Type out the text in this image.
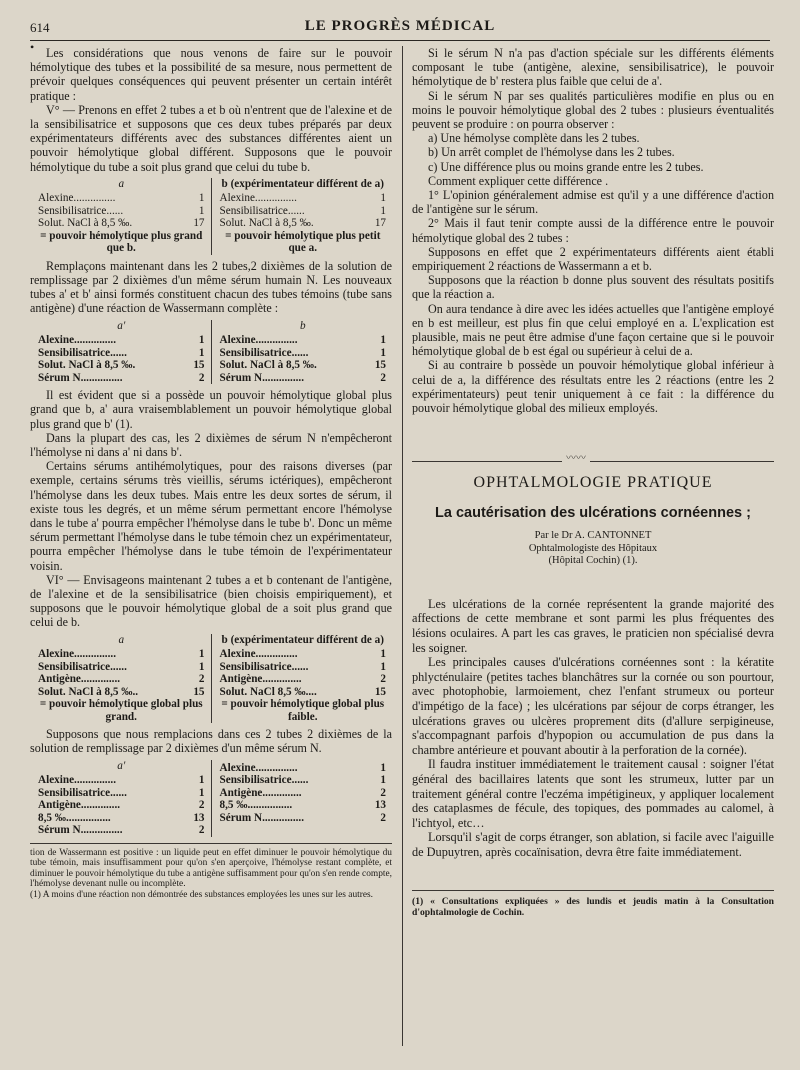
614	LE PROGRÈS MÉDICAL
• Les considérations que nous venons de faire sur le pouvoir hémolytique des tubes et la possibilité de sa mesure, nous permettent de prévoir quelques conséquences qui peuvent présenter un certain intérêt pratique :

V° — Prenons en effet 2 tubes a et b où n'entrent que de l'alexine et de la sensibilisatrice et supposons que ces deux tubes préparés par deux expérimentateurs différents avec des substances différentes aient un pouvoir hémolytique global différent. Supposons que le pouvoir hémolytique du tube a soit plus grand que celui du tube b.

a
Alexine...............	1
Sensibilisatrice......	1
Solut. NaCl à 8,5 ‰.	17
= pouvoir hémolytique plus grand que b.
b (expérimentateur différent de a)
Alexine...............	1
Sensibilisatrice......	1
Solut. NaCl à 8,5 ‰.	17
= pouvoir hémolytique plus petit que a.

Remplaçons maintenant dans les 2 tubes,2 dixièmes de la solution de remplissage par 2 dixièmes d'un même sérum humain N. Les nouveaux tubes a' et b' ainsi formés constituent chacun des tubes témoins (tube sans antigène) d'une réaction de Wassermann complète :

a'
Alexine...............	1
Sensibilisatrice......	1
Solut. NaCl à 8,5 ‰.	15
Sérum N...............	2
b
Alexine...............	1
Sensibilisatrice......	1
Solut. NaCl à 8,5 ‰.	15
Sérum N...............	2

Il est évident que si a possède un pouvoir hémolytique global plus grand que b, a' aura vraisemblablement un pouvoir hémolytique global plus grand que b' (1).

Dans la plupart des cas, les 2 dixièmes de sérum N n'empêcheront l'hémolyse ni dans a' ni dans b'.

Certains sérums antihémolytiques, pour des raisons diverses (par exemple, certains sérums très vieillis, sérums ictériques), empêcheront l'hémolyse dans les deux tubes. Mais entre les deux sortes de sérum, il existe tous les degrés, et un même sérum permettant encore l'hémolyse dans le tube a' pourra empêcher l'hémolyse dans le tube b'. Donc un même sérum permettant l'hémolyse dans le tube témoin chez un expérimentateur, pourra empêcher l'hémolyse dans le tube témoin de l'expérimentateur voisin.

VI° — Envisageons maintenant 2 tubes a et b contenant de l'antigène, de l'alexine et de la sensibilisatrice (bien choisis empiriquement), et supposons que le pouvoir hémolytique global de a soit plus grand que celui de b.

a
Alexine...............	1
Sensibilisatrice......	1
Antigène..............	2
Solut. NaCl à 8,5 ‰..	15
= pouvoir hémolytique global plus grand.
b (expérimentateur différent de a)
Alexine...............	1
Sensibilisatrice......	1
Antigène..............	2
Solut. NaCl 8,5 ‰....	15
= pouvoir hémolytique global plus faible.

Supposons que nous remplacions dans ces 2 tubes 2 dixièmes de la solution de remplissage par 2 dixièmes d'un même sérum N.

a'
Alexine...............	1
Sensibilisatrice......	1
Antigène..............	2
8,5 ‰................	13
Sérum N...............	2
Alexine...............	1
Sensibilisatrice......	1
Antigène..............	2
8,5 ‰................	13
Sérum N...............	2

tion de Wassermann est positive : un liquide peut en effet diminuer le pouvoir hémolytique du tube témoin, mais insuffisamment pour qu'on s'en aperçoive, l'hémolyse restant complète, et diminuer le pouvoir hémolytique du tube a antigène suffisamment pour qu'on s'en rende compte, l'hémolyse devenant nulle ou incomplète.

(1) A moins d'une réaction non démontrée des substances employées les unes sur les autres.

Si le sérum N n'a pas d'action spéciale sur les différents éléments composant le tube (antigène, alexine, sensibilisatrice), le pouvoir hémolytique de b' restera plus faible que celui de a'.

Si le sérum N par ses qualités particulières modifie en plus ou en moins le pouvoir hémolytique global des 2 tubes : plusieurs éventualités peuvent se produire : on pourra observer :

a) Une hémolyse complète dans les 2 tubes.

b) Un arrêt complet de l'hémolyse dans les 2 tubes.

c) Une différence plus ou moins grande entre les 2 tubes.

Comment expliquer cette différence .

1° L'opinion généralement admise est qu'il y a une différence d'action de l'antigène sur le sérum.

2° Mais il faut tenir compte aussi de la différence entre le pouvoir hémolytique global des 2 tubes :

Supposons en effet que 2 expérimentateurs différents aient établi empiriquement 2 réactions de Wassermann a et b.

Supposons que la réaction b donne plus souvent des résultats positifs que la réaction a.

On aura tendance à dire avec les idées actuelles que l'antigène employé en b est meilleur, est plus fin que celui employé en a. L'explication est plausible, mais ne peut être admise d'une façon certaine que si le pouvoir hémolytique global de b est égal ou supérieur à celui de a.

Si au contraire b possède un pouvoir hémolytique global inférieur à celui de a, la différence des résultats entre les 2 réactions (entre les 2 expérimentateurs) peut tenir uniquement à ce fait : la différence du pouvoir hémolytique global des milieux employés.

〰〰
OPHTALMOLOGIE PRATIQUE
La cautérisation des ulcérations cornéennes ;
Par le Dr A. CANTONNET
Ophtalmologiste des Hôpitaux
(Hôpital Cochin) (1).

Les ulcérations de la cornée représentent la grande majorité des affections de cette membrane et sont parmi les plus fréquentes des lésions oculaires. A part les cas graves, le praticien non spécialisé devra les soigner.

Les principales causes d'ulcérations cornéennes sont : la kératite phlycténulaire (petites taches blanchâtres sur la cornée ou son pourtour, avec photophobie, larmoiement, chez l'enfant strumeux ou porteur d'impétigo de la face) ; les ulcérations par séjour de corps étranger, les ulcérations graves ou ulcères proprement dits (d'allure serpigineuse, s'accompagnant parfois d'hypopion ou accumulation de pus dans la chambre antérieure et pouvant aboutir à la perforation de la cornée).

Il faudra instituer immédiatement le traitement causal : soigner l'état général des bacillaires latents que sont les strumeux, lutter par un traitement général contre l'eczéma impétigineux, y appliquer localement des cataplasmes de fécule, des topiques, des pommades au calomel, à l'ichtyol, etc…

Lorsqu'il s'agit de corps étranger, son ablation, si facile avec l'aiguille de Dupuytren, après cocaïnisation, devra être faite immédiatement.

(1) « Consultations expliquées » des lundis et jeudis matin à la Consultation d'ophtalmologie de Cochin.
